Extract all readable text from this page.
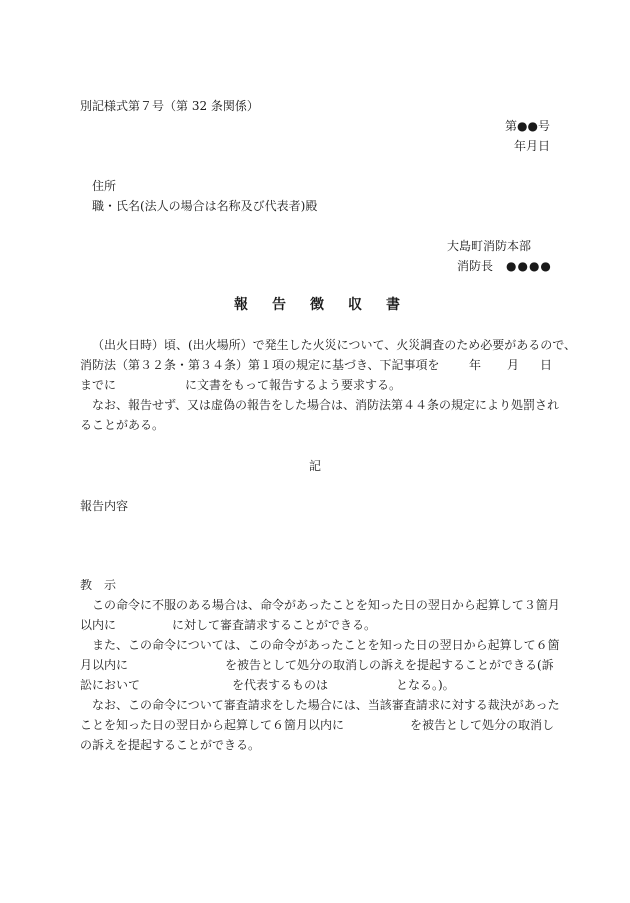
別記様式第７号（第 32 条関係）
第●●号
年月日
住所
職・氏名(法人の場合は名称及び代表者)殿
大島町消防本部
消防長 ●●●●
報 告 徴 収 書
（出火日時）頃、(出火場所）で発生した火災について、火災調査のため必要があるので、
消防法（第３２条・第３４条）第１項の規定に基づき、下記事項を 年 月 日
までに	に文書をもって報告するよう要求する。
なお、報告せず、又は虚偽の報告をした場合は、消防法第４４条の規定により処罰され
ることがある。
記
報告内容
教　示
この命令に不服のある場合は、命令があったことを知った日の翌日から起算して３箇月
以内に	に対して審査請求することができる。
また、この命令については、この命令があったことを知った日の翌日から起算して６箇
月以内に	を被告として処分の取消しの訴えを提起することができる(訴
訟において	を代表するものは	となる。)。
なお、この命令について審査請求をした場合には、当該審査請求に対する裁決があった
ことを知った日の翌日から起算して６箇月以内に	を被告として処分の取消し
の訴えを提起することができる。
